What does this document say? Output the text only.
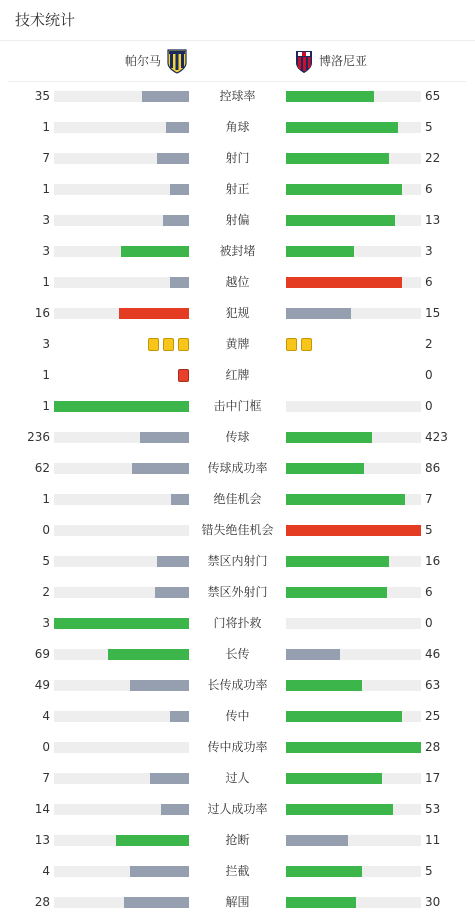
技术统计
帕尔马	博洛尼亚
35	控球率	65
1	角球	5
7	射门	22
1	射正	6
3	射偏	13
3	被封堵	3
1	越位	6
16	犯规	15
3	黄牌	2
1	红牌	0
1	击中门框	0
236	传球	423
62	传球成功率	86
1	绝佳机会	7
0	错失绝佳机会	5
5	禁区内射门	16
2	禁区外射门	6
3	门将扑救	0
69	长传	46
49	长传成功率	63
4	传中	25
0	传中成功率	28
7	过人	17
14	过人成功率	53
13	抢断	11
4	拦截	5
28	解围	30
